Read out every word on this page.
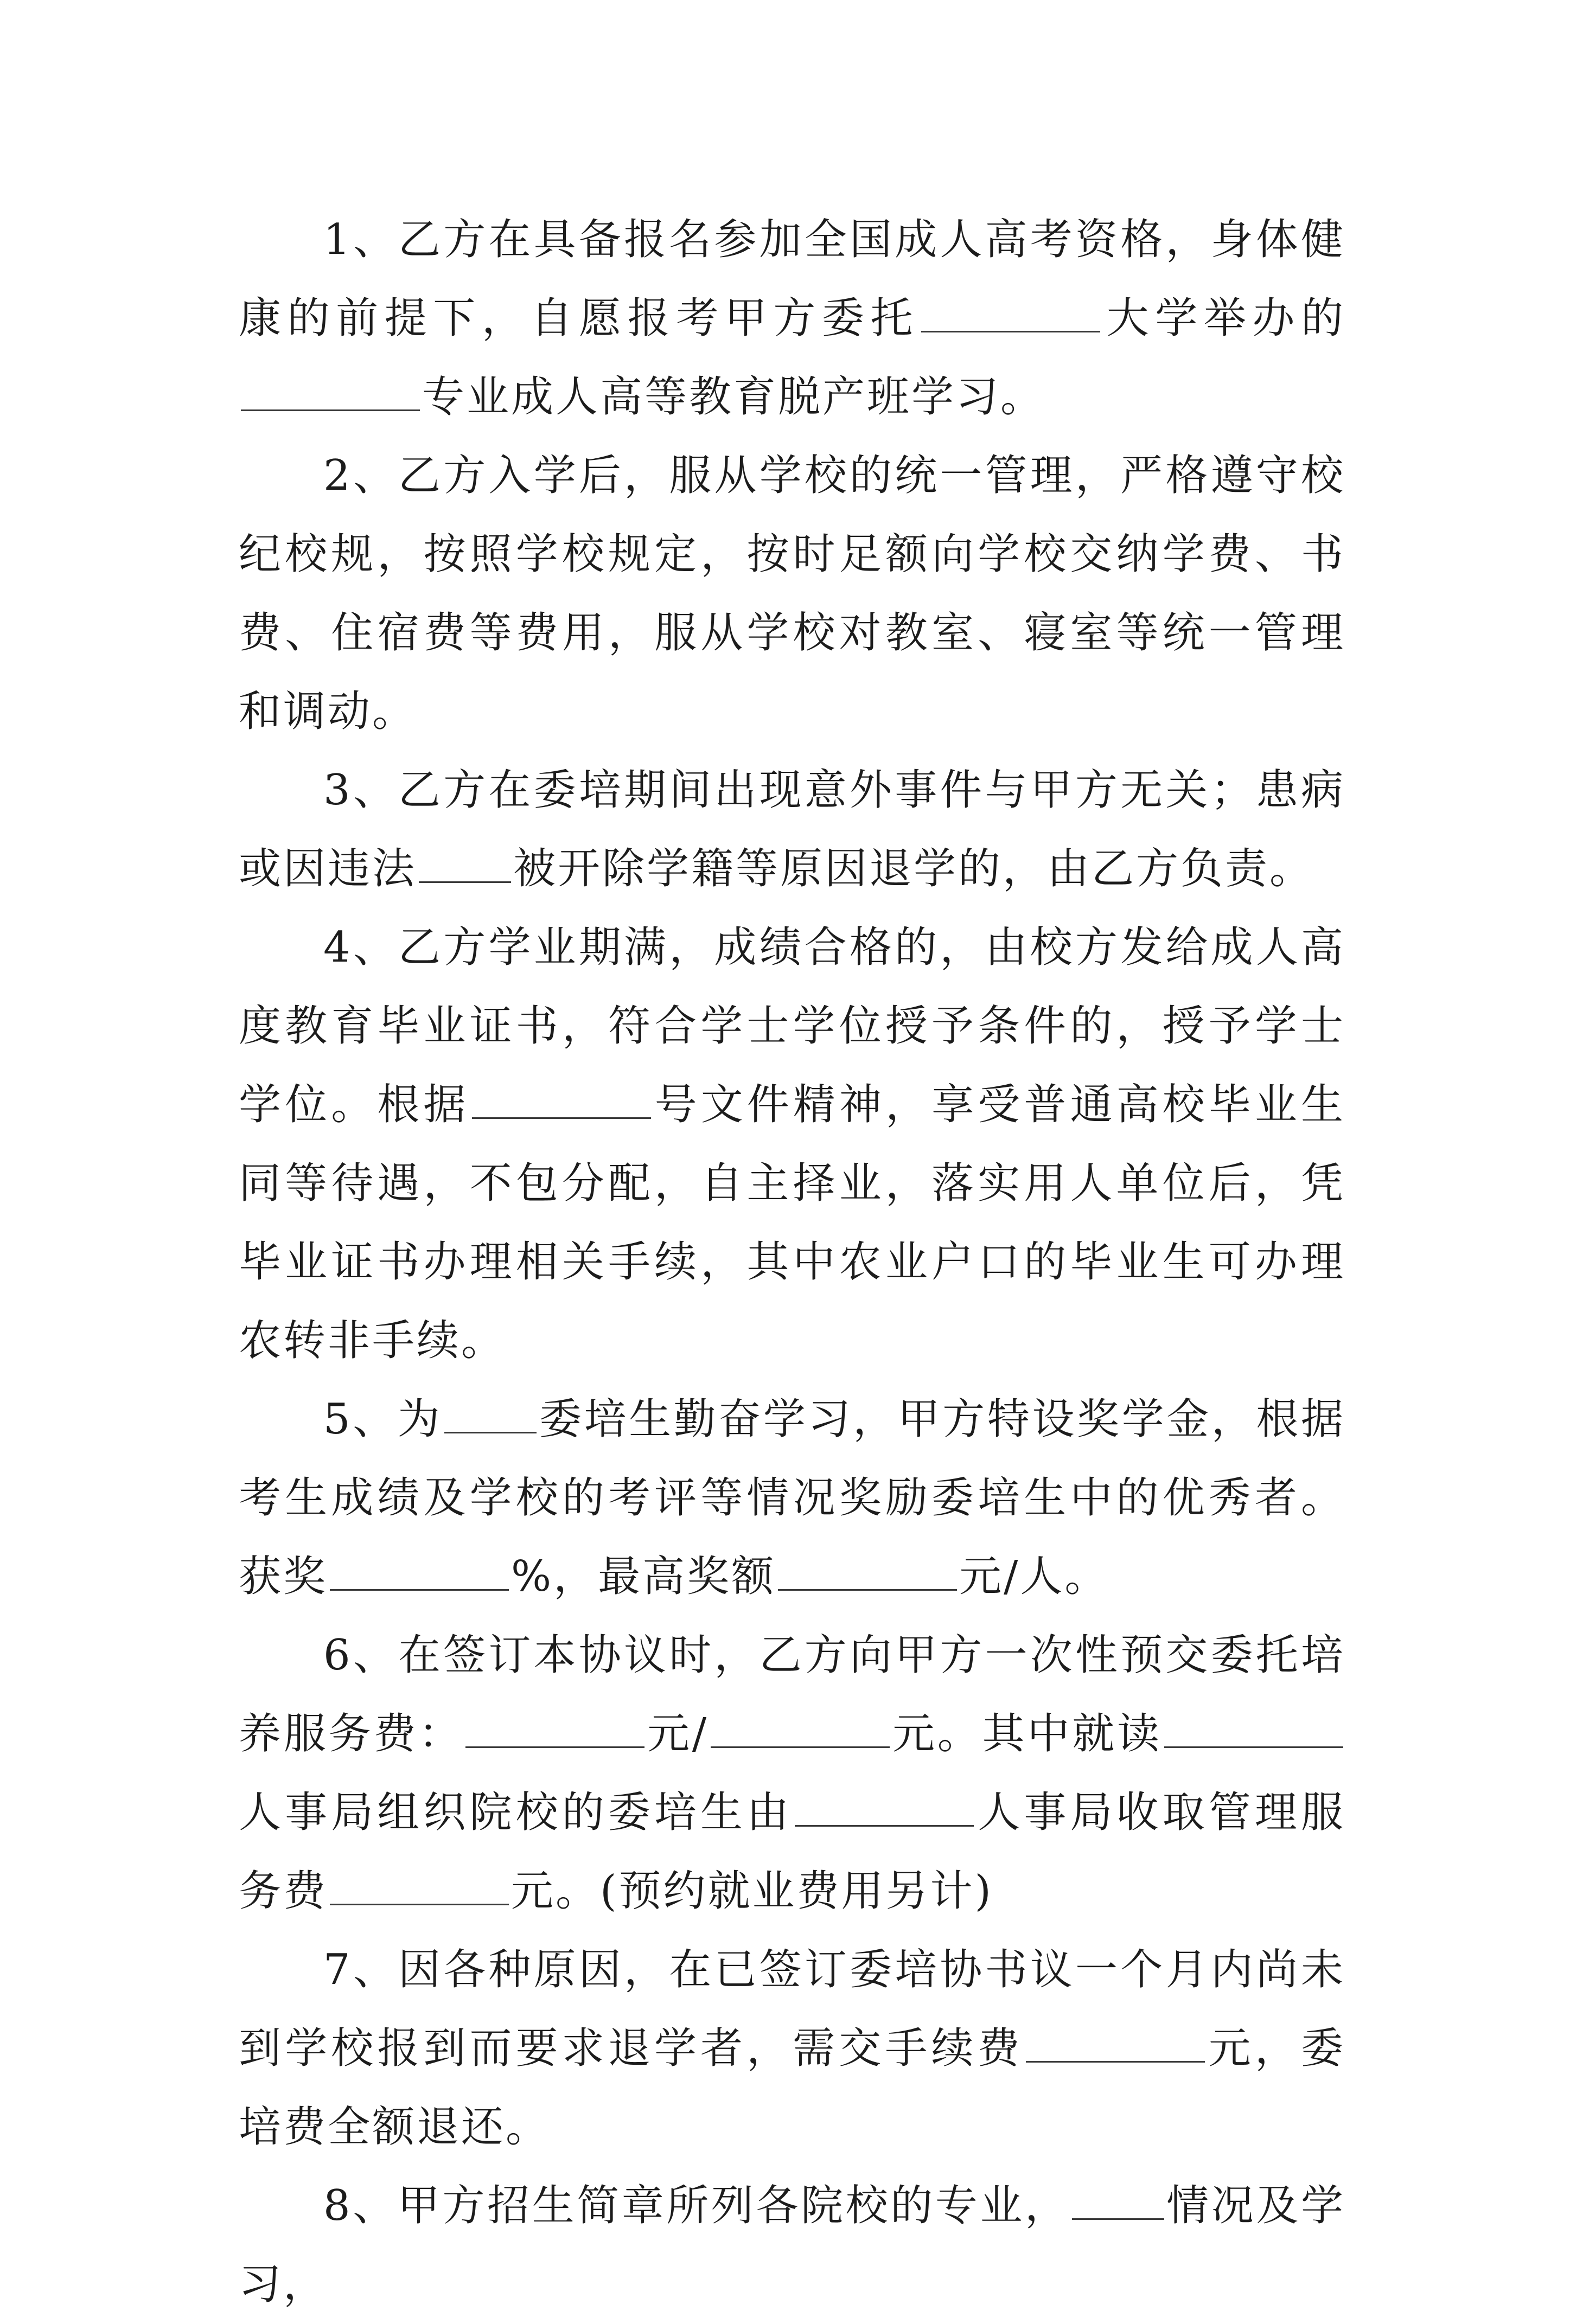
1、乙方在具备报名参加全国成人高考资格，身体健康的前提下，自愿报考甲方委托	大学举办的专业成人高等教育脱产班学习。

2、乙方入学后，服从学校的统一管理，严格遵守校纪校规，按照学校规定，按时足额向学校交纳学费、书费、住宿费等费用，服从学校对教室、寝室等统一管理和调动。

3、乙方在委培期间出现意外事件与甲方无关；患病或因违法 被开除学籍等原因退学的，由乙方负责。

4、乙方学业期满，成绩合格的，由校方发给成人高度教育毕业证书，符合学士学位授予条件的，授予学士学位。根据	号文件精神，享受普通高校毕业生同等待遇，不包分配，自主择业，落实用人单位后，凭毕业证书办理相关手续，其中农业户口的毕业生可办理农转非手续。

5、为 委培生勤奋学习，甲方特设奖学金，根据考生成绩及学校的考评等情况奖励委培生中的优秀者。获奖	%，最高奖额	元/人。

6、在签订本协议时，乙方向甲方一次性预交委托培养服务费：	元/	元。其中就读人事局组织院校的委培生由	人事局收取管理服务费	元。(预约就业费用另计)

7、因各种原因，在已签订委培协书议一个月内尚未到学校报到而要求退学者，需交手续费	元，委培费全额退还。

8、甲方招生简章所列各院校的专业， 情况及学习，
